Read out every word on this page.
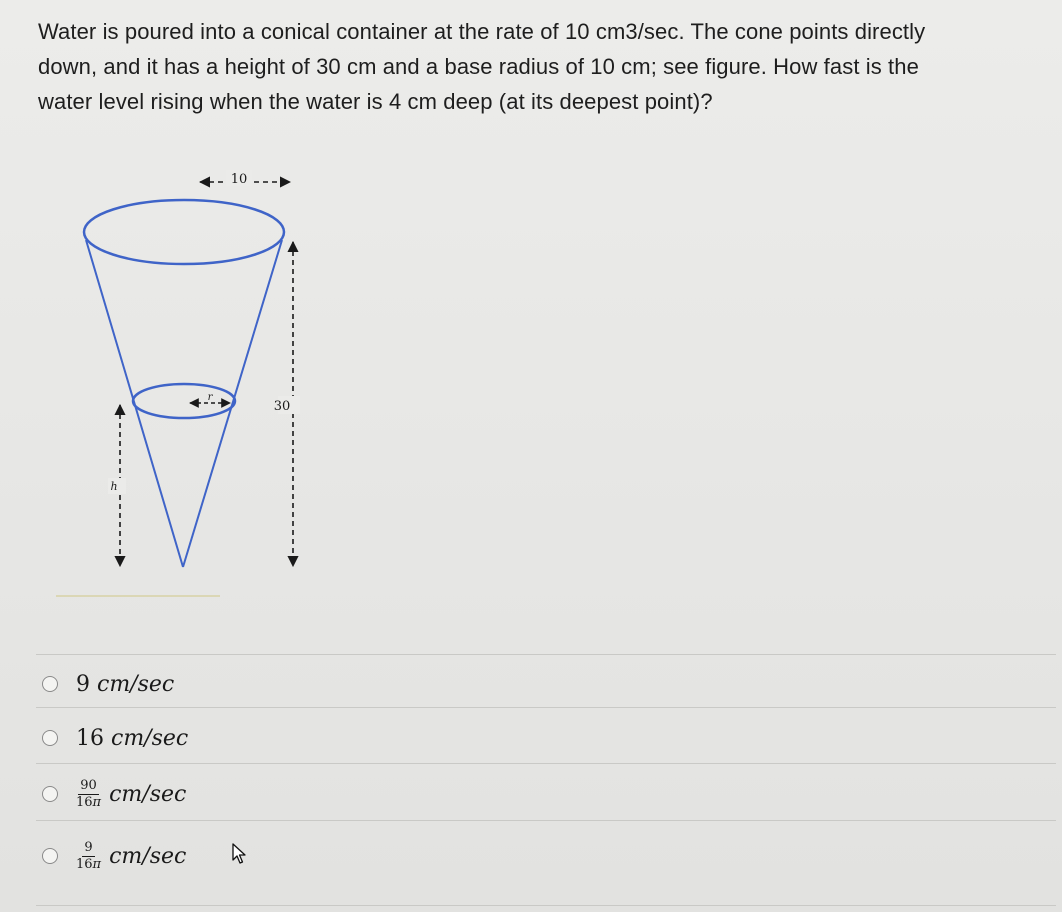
Water is poured into a conical container at the rate of 10 cm3/sec. The cone points directly
down, and it has a height of 30 cm and a base radius of 10 cm; see figure. How fast is the
water level rising when the water is 4 cm deep (at its deepest point)?
10
r
30
h
9 cm/sec
16 cm/sec
$\frac{90}{16\pi} cm/\sec$
$\frac{9}{16\pi} cm/\sec$
